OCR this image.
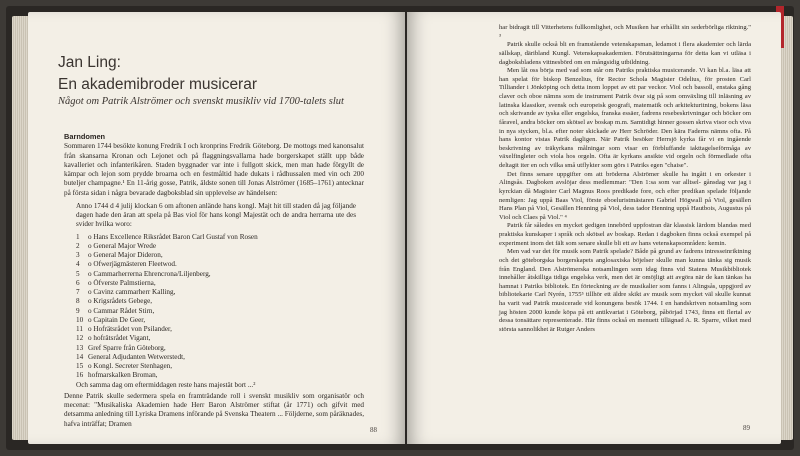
Jan Ling:
En akademibroder musicerar
Något om Patrik Alströmer och svenskt musikliv vid 1700-talets slut
Barndomen
Sommaren 1744 besökte konung Fredrik I och kronprins Fredrik Göteborg. De mottogs med kanonsalut från skansarna Kronan och Lejonet och på flaggningsvallarna hade borgerskapet ställt upp både kavalleriet och infanterikåren. Staden byggnader var inte i fullgott skick, men man hade förgyllt de kämpar och lejon som prydde broarna och en festmåltid hade dukats i rådhussalen med vin och 200 buteljer champagne.¹ En 11-årig gosse, Patrik, äldste sonen till Jonas Alströmer (1685–1761) antecknar på första sidan i några bevarade dagboksblad sin upplevelse av händelsen:
Anno 1744 d 4 julij klockan 6 om aftonen anlände hans kongl. Majt hit till staden då jag följande dagen hade den äran att spela på Bas viol för hans kongl Majestät och de andra herrarna ute des svider hvilka woro:
1 o Hans Excellence Riksrådet Baron Carl Gustaf von Rosen
2 o General Major Wrede
3 o General Major Dideron,
4 o Ofwerjägmästeren Fleetwod.
5 o Cammarherrerna Ehrencrona/Liljenberg,
6 o Öfverste Palmstierna,
7 o Cavinz cammarherr Kalling,
8 o Krigsrådets Gebege,
9 o Cammar Rådet Stirn,
10 o Capitain De Geer,
11 o Hofrätsrådet von Psilander,
12 o hofrätsrådet Vigant,
13 Gref Sparre från Göteborg,
14 General Adjudanten Wetwerstedt,
15 o Kongl. Secreter Stenhagen,
16 hofmarskalken Broman,
Och samma dag om eftermiddagen reste hans majestät bort ...²
Denne Patrik skulle sedermera spela en framträdande roll i svenskt musikliv som organisatör och mecenat: "Musikaliska Akademien hade Herr Baron Alströmer stiftat (år 1771) och gifvit med detsamma anledning till Lyriska Dramens införande på Svenska Theatern ... Följderne, som påräknades, hafva inträffat; Dramen
88
har bidragit till Vitterhetens fullkomlighet, och Musiken har erhållit sin sederbörliga riktning." ³
Patrik skulle också bli en framstående vetenskapsman, ledamot i flera akademier och lärda sällskap, däribland Kungl. Vetenskapsakademien. Förutsättningarna för detta kan vi utläsa i dagboksbladens vittnesbörd om en mångsidig utbildning.
Men låt oss börja med vad som står om Patriks praktiska musicerande. Vi kan bl.a. läsa att han spelat för biskop Benzelius, för Rector Schola Magister Odelius, för prosten Carl Tilliander i Jönköping och detta inom loppet av ett par veckor. Viol och bassoll, enstaka gång claver och oboe nämns som de instrument Patrik övar sig på som omväxling till inläsning av latinska klassiker, svensk och europeisk geografi, matematik och arkitekturitning, bokens läsa och skrivande av tyska eller engelska, franska essäer, fadrens resebeskrivningar och böcker om fåravel, andra böcker om skötsel av boskap m.m. Samtidigt hinner gossen skriva visor och viva in nya stycken, bl.a. efter noter skickade av Herr Schröder. Den kära Faderns nämns ofta. På hans kontor vistas Patrik dagligen. När Patrik besöker Herrsjö kyrka får vi en ingående beskrivning av träkyrkans målningar som visar en förbluffande iakttagelseförmåga av växelfingleter och viola hos orgeln. Ofta är kyrkans ansikte vid orgeln och förmedlade ofta deltagit iter en och vilka små utflykter som görs i Patriks egen "chaise".
Det finns senare uppgifter om att bröderna Alströmer skulle ha ingått i en orkester i Alingsås. Dagboken avslöjar dess medlemmar: "Den 1:sa som var alltsel- gånsdag var jag i kyrckian då Magister Carl Magnus Roos predikade fore, och efter predikan spelade följande nemligen: Jag uppå Baas Viol, förste eboeluristmästaren Gabriel Högwall på Viol, gesällen Hans Plan på Viol, Gesällen Henning på Viol, dess tador Henning uppå Hautbois, Augustus på Viol och Claes på Viol." ⁴
Patrik får således en mycket gedigen innebörd uppfostran där klassisk lärdom blandas med praktiska kunskaper i språk och skötsel av boskap. Redan i dagboken finns också exempel på experiment inom det fält som senare skulle bli ett av hans vetenskapsområden: kemin.
Men vad var det för musik som Patrik spelade? Både på grund av fadrens intresseinriktning och det göteborgska borgerskapets anglosaxiska böjelser skulle man kunna tänka sig musik från England. Den Alströmerska notsamlingen som idag finns vid Statens Musikbibliotek innehåller åtskilliga tidiga engelska verk, men det är omöjligt att avgöra när de kan tänkas ha hamnat i Patriks bibliotek. En förteckning av de musikalier som fanns i Alingsås, uppgjord av bibliotekarie Carl Nyrén, 1755⁵ tillhör ett äldre skikt av musik som mycket väl skulle kunnat ha varit vad Patrik musicerade vid konungens besök 1744. I en handskriven notsamling som jag hösten 2000 kunde köpa på ett antikvariat i Göteborg, påbörjad 1743, finns ett flertal av dessa tonsättare representerade. Här finns också en menuett tillägnad A. R. Sparre, vilket med största sannolikhet är Rutger Anders
89
